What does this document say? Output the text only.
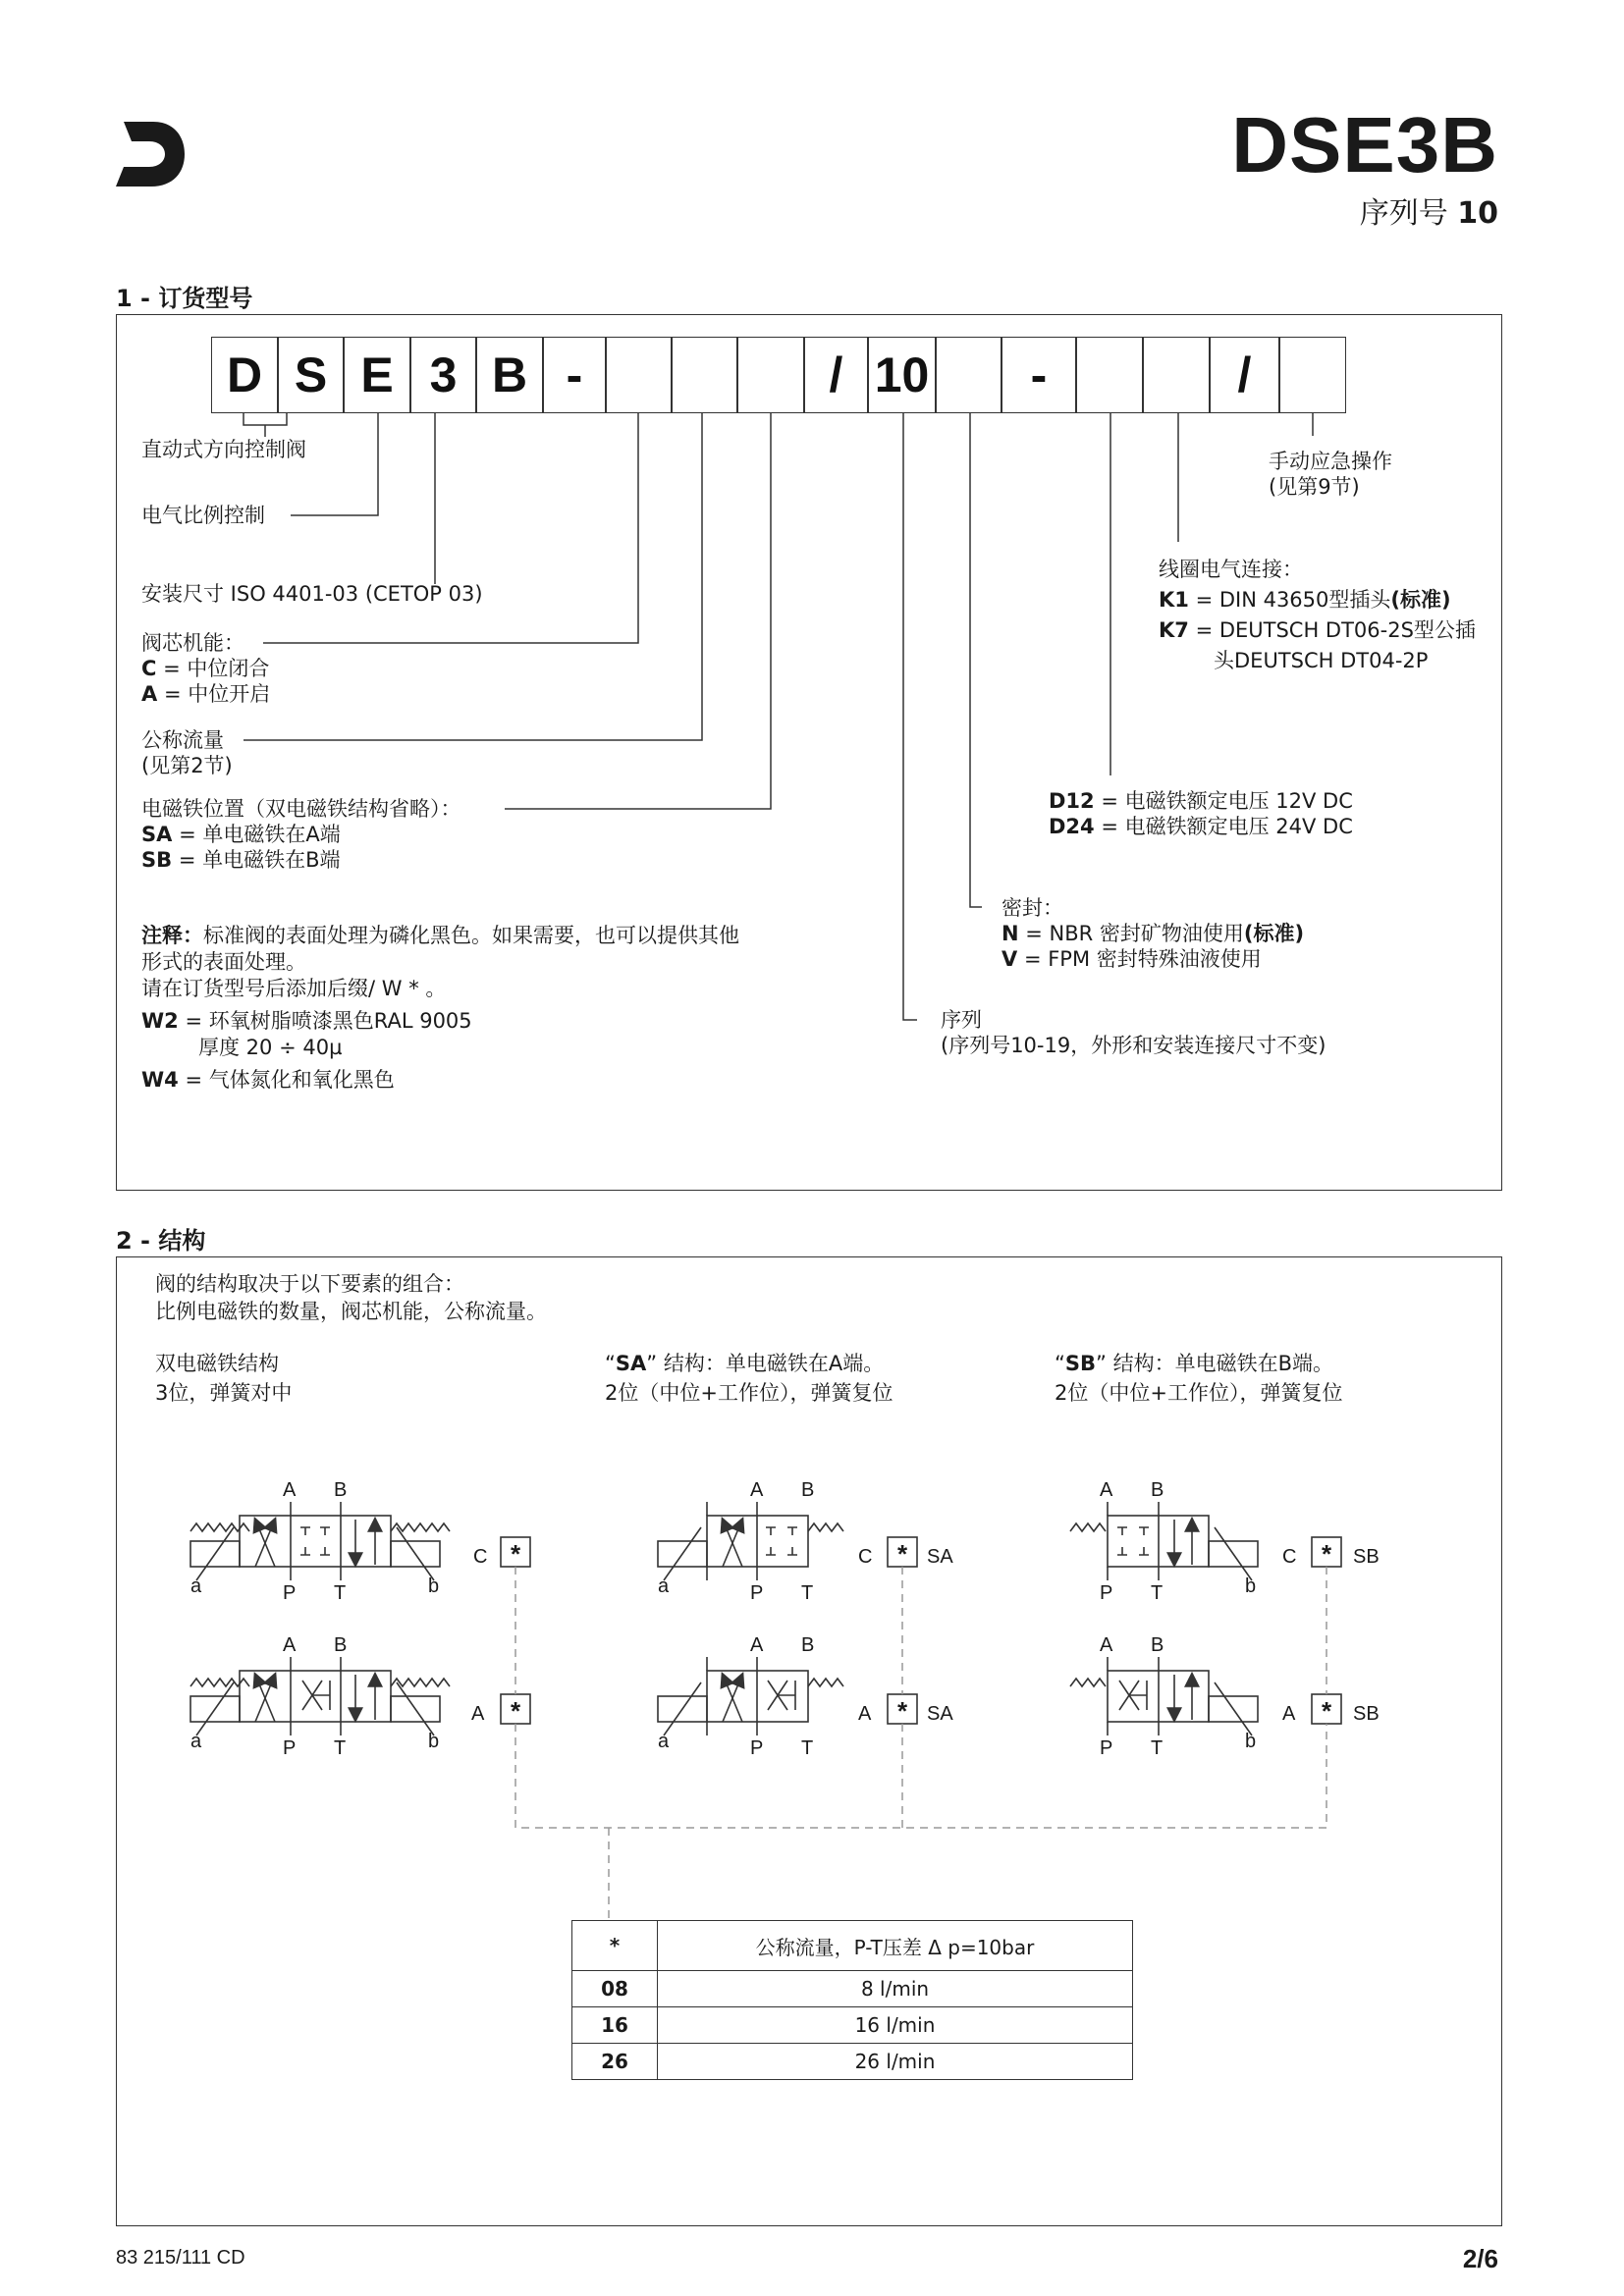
DSE3B
序列号 10
1 - 订货型号
D S E 3 B -	/ 10	-	/
直动式方向控制阀
电气比例控制
安装尺寸 ISO 4401-03 (CETOP 03)
阀芯机能：
C = 中位闭合
A = 中位开启
公称流量
(见第2节)
电磁铁位置（双电磁铁结构省略）：
SA = 单电磁铁在A端
SB = 单电磁铁在B端
注释：标准阀的表面处理为磷化黑色。如果需要，也可以提供其他
形式的表面处理。
请在订货型号后添加后缀/ W * 。
W2 = 环氧树脂喷漆黑色RAL 9005
厚度 20 ÷ 40µ
W4 = 气体氮化和氧化黑色
手动应急操作
(见第9节)
线圈电气连接：
K1 = DIN 43650型插头(标准)
K7 = DEUTSCH DT06-2S型公插
头DEUTSCH DT04-2P
D12 = 电磁铁额定电压 12V DC
D24 = 电磁铁额定电压 24V DC
密封：
N = NBR 密封矿物油使用(标准)
V = FPM 密封特殊油液使用
序列
(序列号10-19，外形和安装连接尺寸不变)
2 - 结构
阀的结构取决于以下要素的组合：
比例电磁铁的数量，阀芯机能，公称流量。
双电磁铁结构
3位，弹簧对中
“SA” 结构：单电磁铁在A端。
2位（中位+工作位），弹簧复位
“SB” 结构：单电磁铁在B端。
2位（中位+工作位），弹簧复位
A B
P T
a	b
C
A B
P T
a	b
A
A B
P T
a
C	SA
A B
P T
a
A	SA
A B
P T	b
C	SB
A B
P T	b
A	SB
*
*
*
*
*
*
*	公称流量，P-T压差 Δ p=10bar
08	8 l/min
16	16 l/min
26	26 l/min
83 215/111 CD	2/6
